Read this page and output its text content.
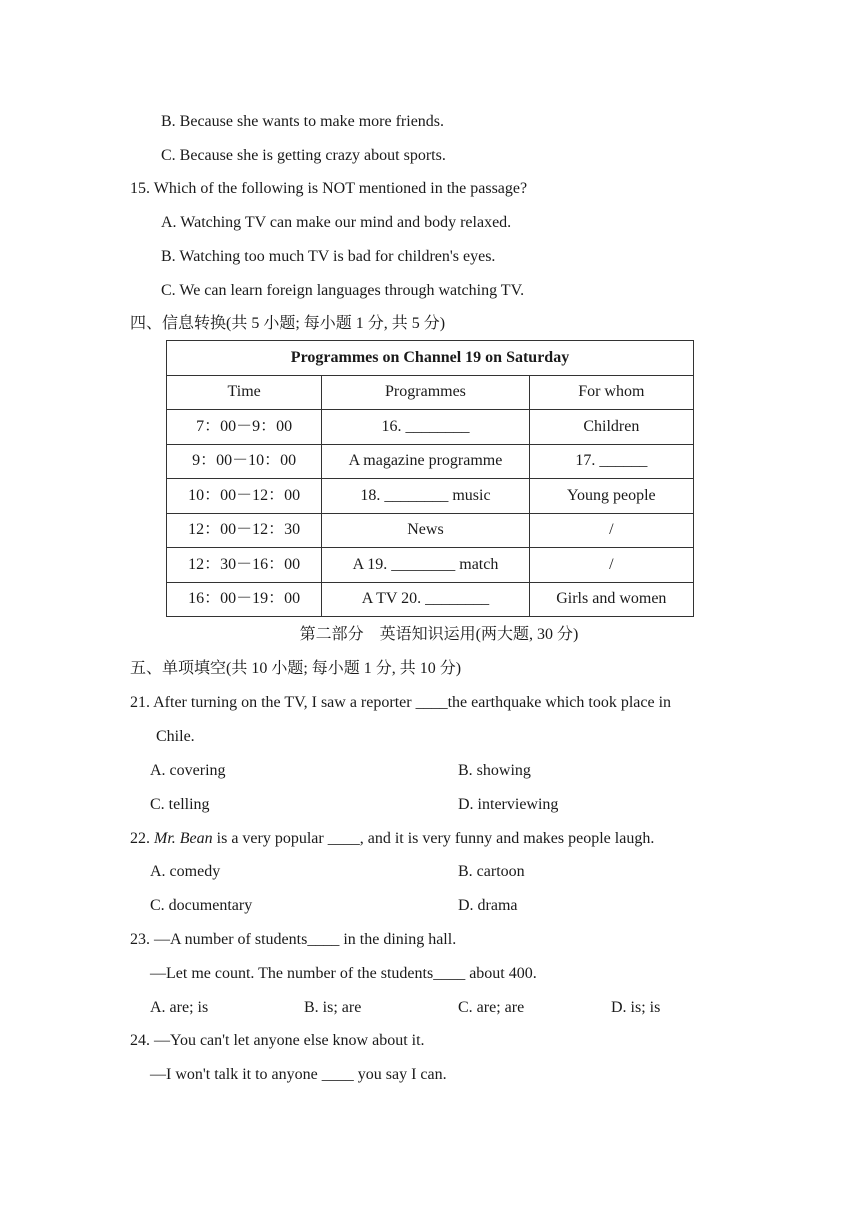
B. Because she wants to make more friends.
C. Because she is getting crazy about sports.
15. Which of the following is NOT mentioned in the passage?
A. Watching TV can make our mind and body relaxed.
B. Watching too much TV is bad for children's eyes.
C. We can learn foreign languages through watching TV.
四、信息转换(共 5 小题; 每小题 1 分, 共 5 分)
Programmes on Channel 19 on Saturday		
Time	Programmes	For whom
7：00－9：00	16. ________	Children
9：00－10：00	A magazine programme	17. ______
10：00－12：00	18. ________ music	Young people
12：00－12：30	News	/
12：30－16：00	A 19. ________ match	/
16：00－19：00	A TV 20. ________	Girls and women
第二部分　英语知识运用(两大题, 30 分)
五、单项填空(共 10 小题; 每小题 1 分, 共 10 分)
21. After turning on the TV, I saw a reporter ____the earthquake which took place in
Chile.
A. covering	B. showing
C. telling	D. interviewing
22. Mr. Bean is a very popular ____, and it is very funny and makes people laugh.
A. comedy	B. cartoon
C. documentary	D. drama
23. —A number of students____ in the dining hall.
—Let me count. The number of the students____ about 400.
A. are; is	B. is; are	C. are; are	D. is; is
24. —You can't let anyone else know about it.
—I won't talk it to anyone ____ you say I can.
